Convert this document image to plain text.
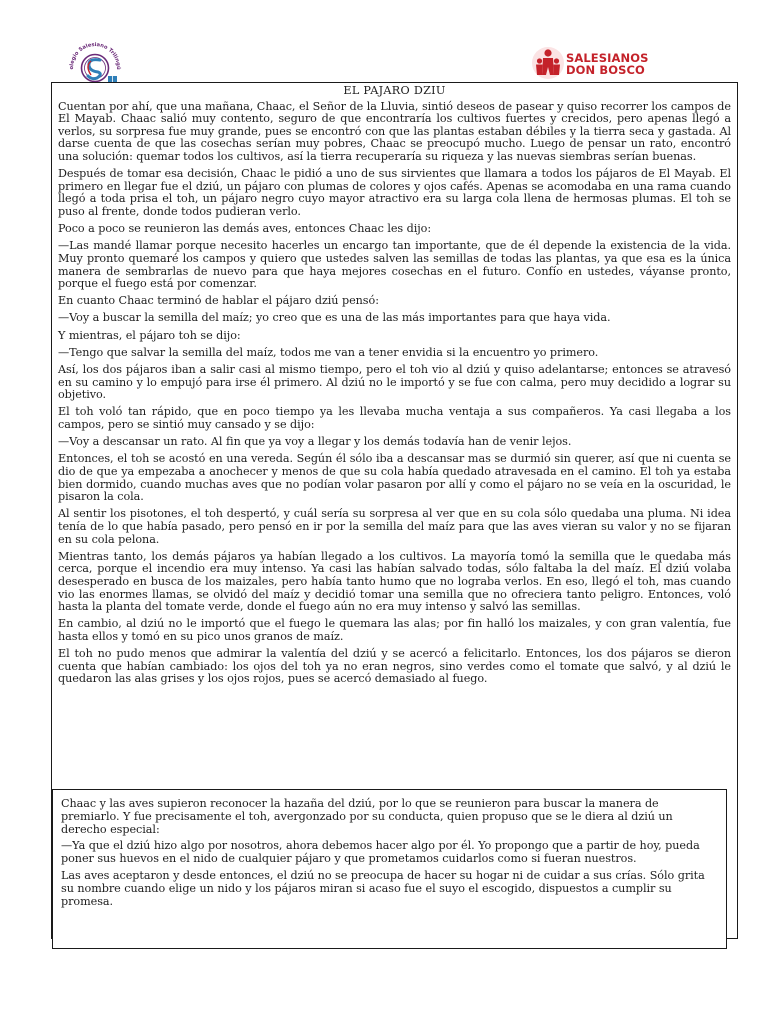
olegio Salesiano Trilingü
SALESIANOS
DON BOSCO
EL PAJARO DZIU

Cuentan por ahí, que una mañana, Chaac, el Señor de la Lluvia, sintió deseos de pasear y quiso recorrer los campos de El Mayab. Chaac salió muy contento, seguro de que encontraría los cultivos fuertes y crecidos, pero apenas llegó a verlos, su sorpresa fue muy grande, pues se encontró con que las plantas estaban débiles y la tierra seca y gastada. Al darse cuenta de que las cosechas serían muy pobres, Chaac se preocupó mucho. Luego de pensar un rato, encontró una solución: quemar todos los cultivos, así la tierra recuperaría su riqueza y las nuevas siembras serían buenas.

Después de tomar esa decisión, Chaac le pidió a uno de sus sirvientes que llamara a todos los pájaros de El Mayab. El primero en llegar fue el dziú, un pájaro con plumas de colores y ojos cafés. Apenas se acomodaba en una rama cuando llegó a toda prisa el toh, un pájaro negro cuyo mayor atractivo era su larga cola llena de hermosas plumas. El toh se puso al frente, donde todos pudieran verlo.

Poco a poco se reunieron las demás aves, entonces Chaac les dijo:

—Las mandé llamar porque necesito hacerles un encargo tan importante, que de él depende la existencia de la vida. Muy pronto quemaré los campos y quiero que ustedes salven las semillas de todas las plantas, ya que esa es la única manera de sembrarlas de nuevo para que haya mejores cosechas en el futuro. Confío en ustedes, váyanse pronto, porque el fuego está por comenzar.

En cuanto Chaac terminó de hablar el pájaro dziú pensó:

—Voy a buscar la semilla del maíz; yo creo que es una de las más importantes para que haya vida.

Y mientras, el pájaro toh se dijo:

—Tengo que salvar la semilla del maíz, todos me van a tener envidia si la encuentro yo primero.

Así, los dos pájaros iban a salir casi al mismo tiempo, pero el toh vio al dziú y quiso adelantarse; entonces se atravesó en su camino y lo empujó para irse él primero. Al dziú no le importó y se fue con calma, pero muy decidido a lograr su objetivo.

El toh voló tan rápido, que en poco tiempo ya les llevaba mucha ventaja a sus compañeros. Ya casi llegaba a los campos, pero se sintió muy cansado y se dijo:

—Voy a descansar un rato. Al fin que ya voy a llegar y los demás todavía han de venir lejos.

Entonces, el toh se acostó en una vereda. Según él sólo iba a descansar mas se durmió sin querer, así que ni cuenta se dio de que ya empezaba a anochecer y menos de que su cola había quedado atravesada en el camino. El toh ya estaba bien dormido, cuando muchas aves que no podían volar pasaron por allí y como el pájaro no se veía en la oscuridad, le pisaron la cola.

Al sentir los pisotones, el toh despertó, y cuál sería su sorpresa al ver que en su cola sólo quedaba una pluma. Ni idea tenía de lo que había pasado, pero pensó en ir por la semilla del maíz para que las aves vieran su valor y no se fijaran en su cola pelona.

Mientras tanto, los demás pájaros ya habían llegado a los cultivos. La mayoría tomó la semilla que le quedaba más cerca, porque el incendio era muy intenso. Ya casi las habían salvado todas, sólo faltaba la del maíz. El dziú volaba desesperado en busca de los maizales, pero había tanto humo que no lograba verlos. En eso, llegó el toh, mas cuando vio las enormes llamas, se olvidó del maíz y decidió tomar una semilla que no ofreciera tanto peligro. Entonces, voló hasta la planta del tomate verde, donde el fuego aún no era muy intenso y salvó las semillas.

En cambio, al dziú no le importó que el fuego le quemara las alas; por fin halló los maizales, y con gran valentía, fue hasta ellos y tomó en su pico unos granos de maíz.

El toh no pudo menos que admirar la valentía del dziú y se acercó a felicitarlo. Entonces, los dos pájaros se dieron cuenta que habían cambiado: los ojos del toh ya no eran negros, sino verdes como el tomate que salvó, y al dziú le quedaron las alas grises y los ojos rojos, pues se acercó demasiado al fuego.

Chaac y las aves supieron reconocer la hazaña del dziú, por lo que se reunieron para buscar la manera de premiarlo. Y fue precisamente el toh, avergonzado por su conducta, quien propuso que se le diera al dziú un derecho especial:

—Ya que el dziú hizo algo por nosotros, ahora debemos hacer algo por él. Yo propongo que a partir de hoy, pueda poner sus huevos en el nido de cualquier pájaro y que prometamos cuidarlos como si fueran nuestros.

Las aves aceptaron y desde entonces, el dziú no se preocupa de hacer su hogar ni de cuidar a sus crías. Sólo grita su nombre cuando elige un nido y los pájaros miran si acaso fue el suyo el escogido, dispuestos a cumplir su promesa.
